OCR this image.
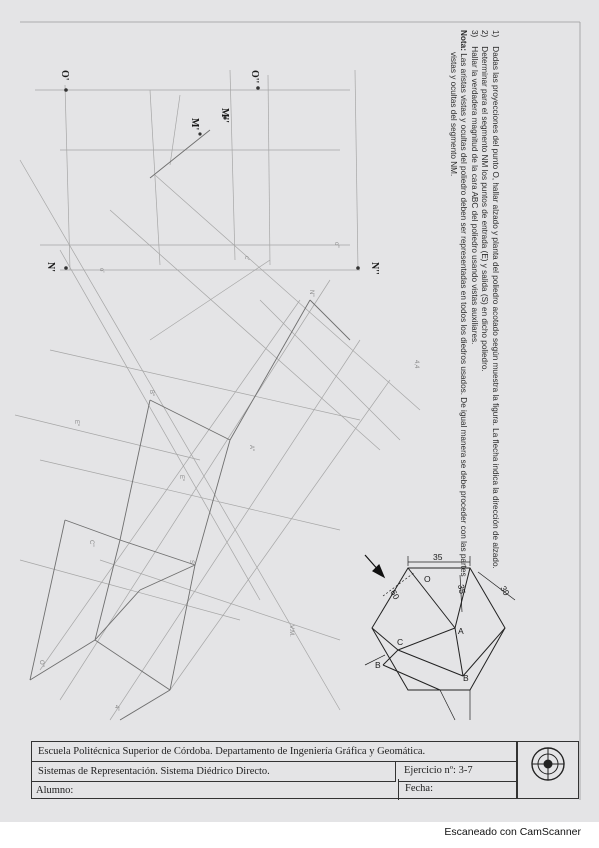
o'
c'
o''
B''
S''
C''
4''
O''
E''
E''
A''
N''
4,4
V.M.
1) Dadas las proyecciones del punto O, hallar alzado y planta del poliedro acotado según muestra la figura. La flecha indica la dirección de alzado.
2) Determinar para el segmento NM los puntos de entrada (E) y salida (S) en dicho poliedro.
3) Hallar la verdadera magnitud de la cara ABC del poliedro usando vistas auxiliares.
Nota: Las aristas vistas y ocultas del poliedro deben ser representadas en todos los diedros usados. De igual manera se debe proceder con las partes
vistas y ocultas del segmento NM.
O''
O'
M''
M'
N''
N'
35
30
35
60
O
A
C
B
B
Escuela Politécnica Superior de Córdoba. Departamento de Ingeniería Gráfica y Geomática.
Sistemas de Representación. Sistema Diédrico Directo.	Ejercicio nº: 3-7
Alumno:	Fecha:
Escaneado con CamScanner
